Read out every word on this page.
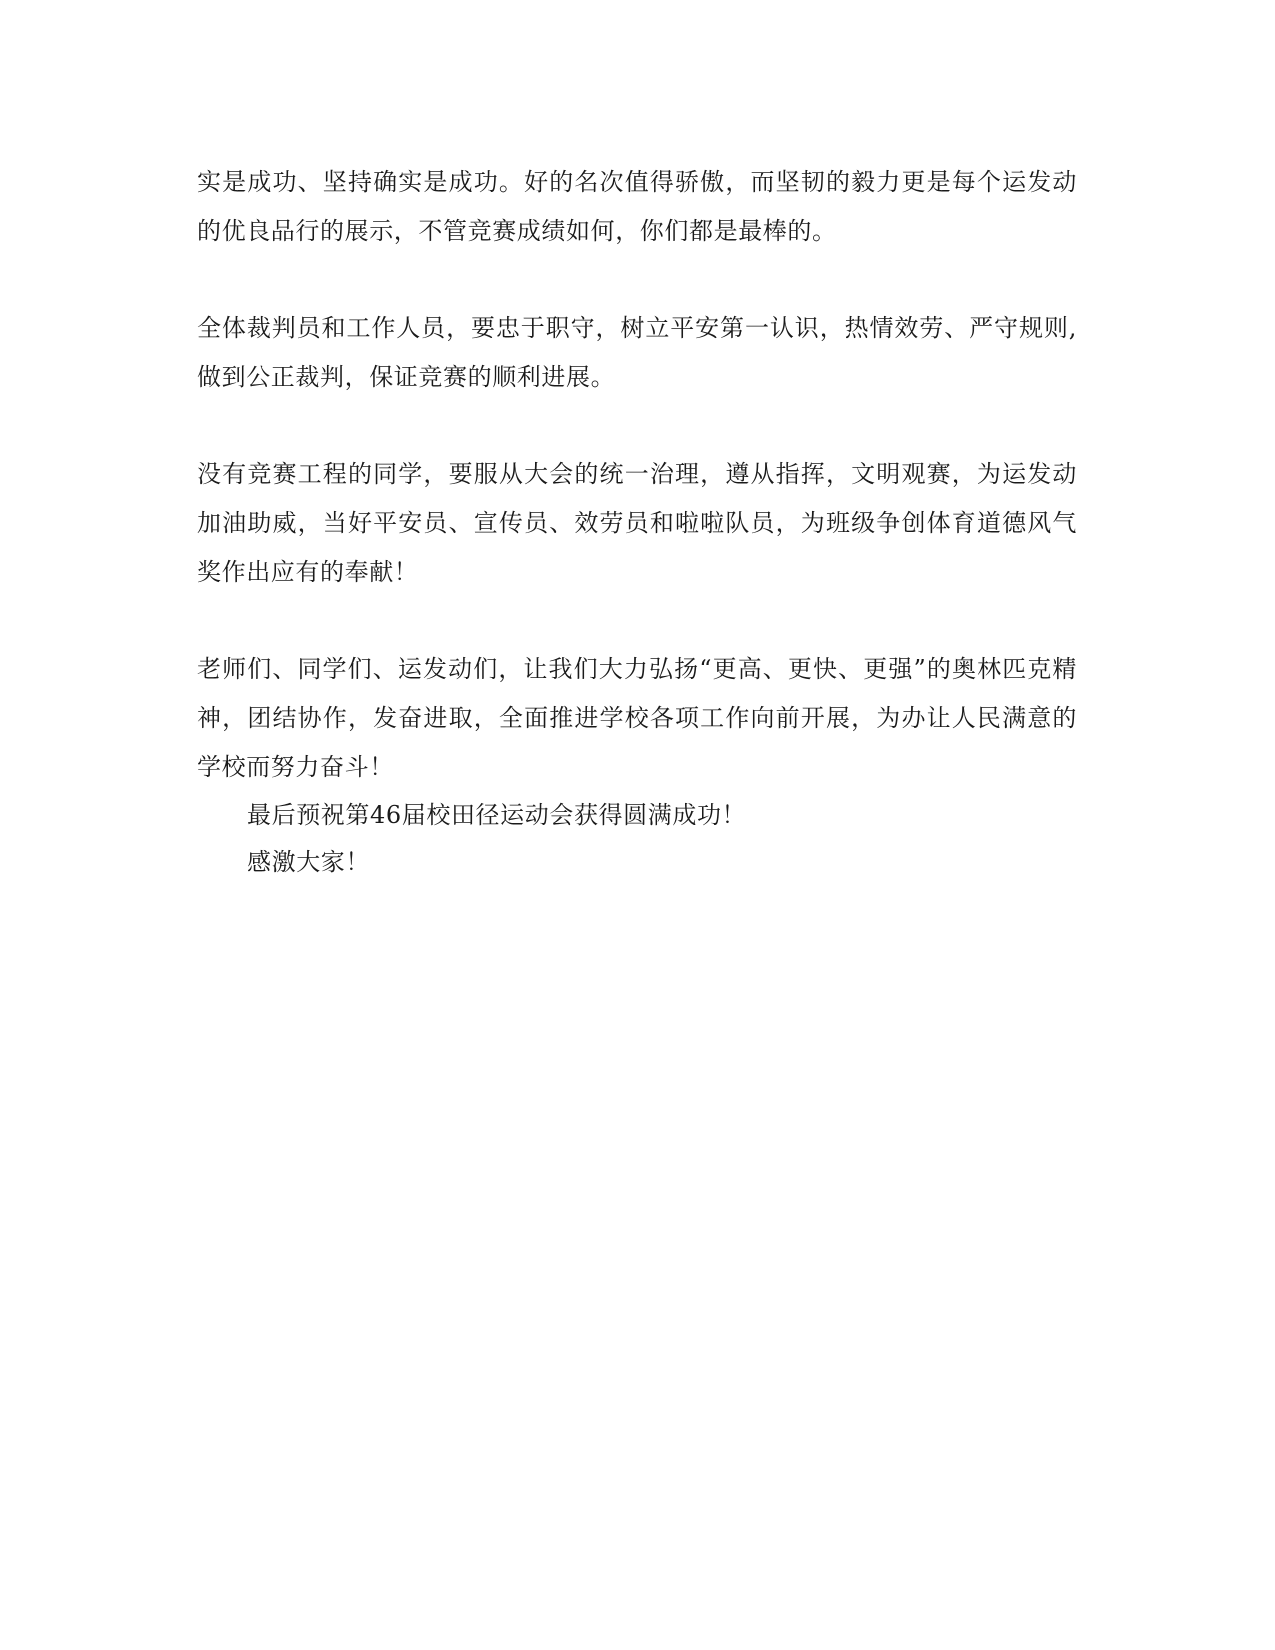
实是成功、坚持确实是成功。好的名次值得骄傲，而坚韧的毅力更是每个运发动的优良品行的展示，不管竞赛成绩如何，你们都是最棒的。

全体裁判员和工作人员，要忠于职守，树立平安第一认识，热情效劳、严守规则, 做到公正裁判，保证竞赛的顺利进展。

没有竞赛工程的同学，要服从大会的统一治理，遵从指挥，文明观赛，为运发动加油助威，当好平安员、宣传员、效劳员和啦啦队员，为班级争创体育道德风气奖作出应有的奉献！

老师们、同学们、运发动们，让我们大力弘扬“更高、更快、更强”的奥林匹克精神，团结协作，发奋进取，全面推进学校各项工作向前开展，为办让人民满意的学校而努力奋斗！

最后预祝第46届校田径运动会获得圆满成功！

感激大家！
